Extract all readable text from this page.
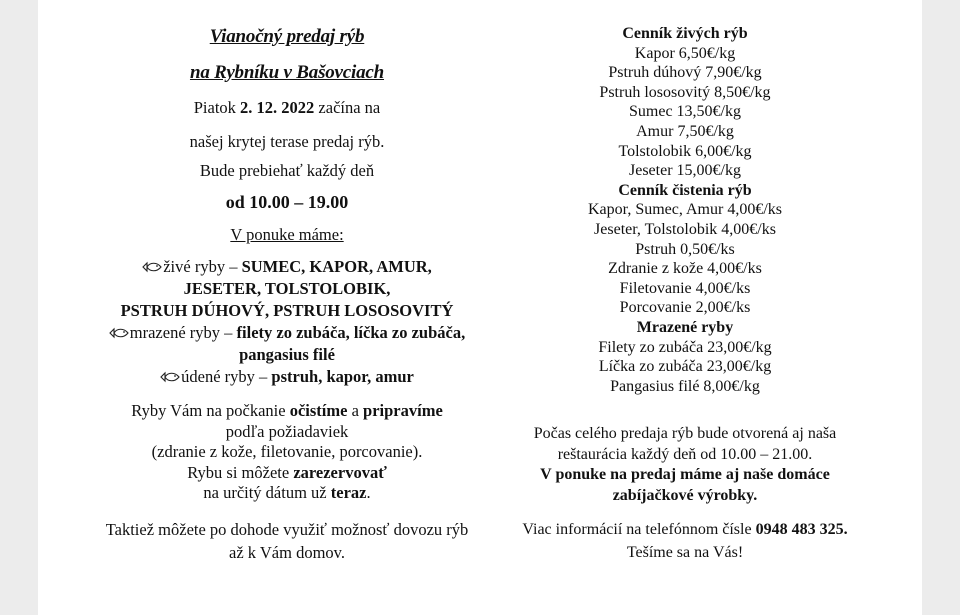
Vianočný predaj rýb
na Rybníku v Bašovciach
Piatok 2. 12. 2022 začína na
našej krytej terase predaj rýb.
Bude prebiehať každý deň
od 10.00 – 19.00
V ponuke máme:
živé ryby – SUMEC, KAPOR, AMUR,
JESETER, TOLSTOLOBIK,
PSTRUH DÚHOVÝ, PSTRUH LOSOSOVITÝ
mrazené ryby – filety zo zubáča, líčka zo zubáča,
pangasius filé
údené ryby – pstruh, kapor, amur
Ryby Vám na počkanie očistíme a pripravíme
podľa požiadaviek
(zdranie z kože, filetovanie, porcovanie).
Rybu si môžete zarezervovať
na určitý dátum už teraz.
Taktiež môžete po dohode využiť možnosť dovozu rýb
až k Vám domov.
Cenník živých rýb
Kapor 6,50€/kg
Pstruh dúhový 7,90€/kg
Pstruh lososovitý 8,50€/kg
Sumec 13,50€/kg
Amur 7,50€/kg
Tolstolobik 6,00€/kg
Jeseter 15,00€/kg
Cenník čistenia rýb
Kapor, Sumec, Amur 4,00€/ks
Jeseter, Tolstolobik 4,00€/ks
Pstruh 0,50€/ks
Zdranie z kože 4,00€/ks
Filetovanie 4,00€/ks
Porcovanie 2,00€/ks
Mrazené ryby
Filety zo zubáča 23,00€/kg
Líčka zo zubáča 23,00€/kg
Pangasius filé 8,00€/kg
Počas celého predaja rýb bude otvorená aj naša
reštaurácia každý deň od 10.00 – 21.00.
V ponuke na predaj máme aj naše domáce
zabíjačkové výrobky.
Viac informácií na telefónnom čísle 0948 483 325.
Tešíme sa na Vás!
